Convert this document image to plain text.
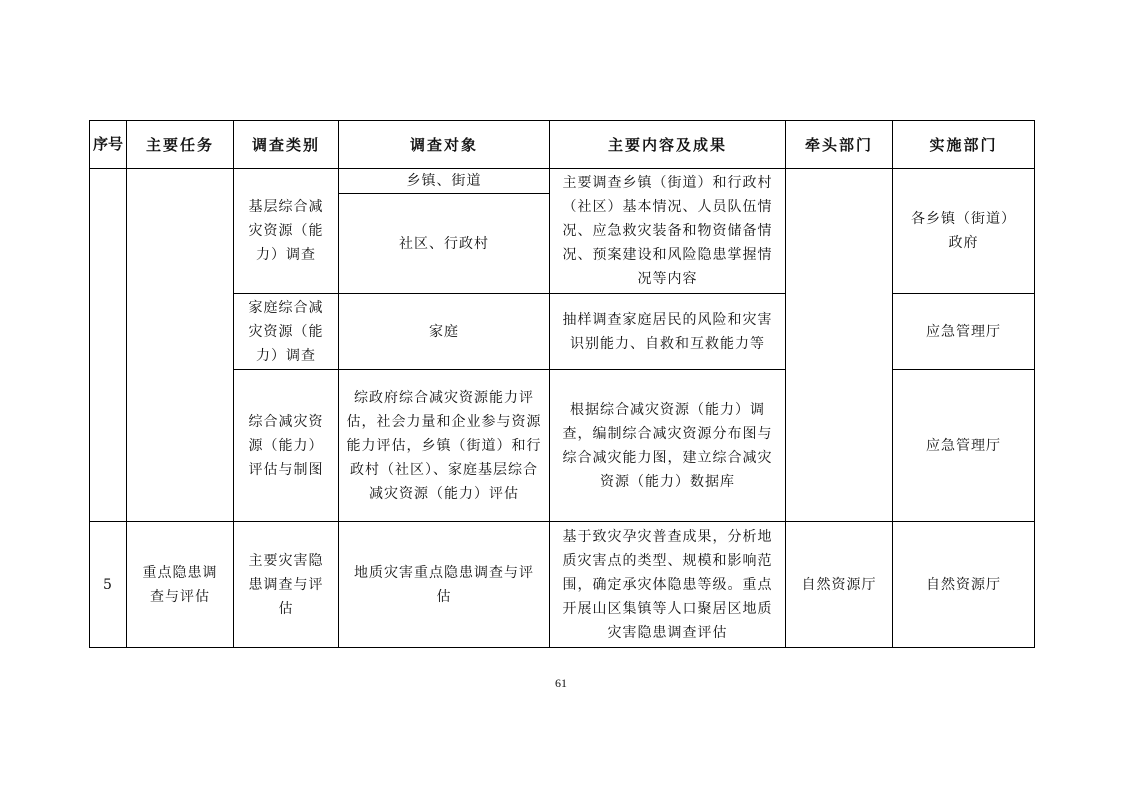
序号	主要任务	调查类别	调查对象	主要内容及成果	牵头部门	实施部门
		基层综合减灾资源（能力）调查	乡镇、街道	主要调查乡镇（街道）和行政村（社区）基本情况、人员队伍情况、应急救灾装备和物资储备情况、预案建设和风险隐患掌握情况等内容		各乡镇（街道）政府
			社区、行政村			
		家庭综合减灾资源（能力）调查	家庭	抽样调查家庭居民的风险和灾害识别能力、自救和互救能力等		应急管理厅
		综合减灾资源（能力）评估与制图	综政府综合减灾资源能力评估，社会力量和企业参与资源能力评估，乡镇（街道）和行政村（社区）、家庭基层综合减灾资源（能力）评估	根据综合减灾资源（能力）调查，编制综合减灾资源分布图与综合减灾能力图，建立综合减灾资源（能力）数据库		应急管理厅

5	重点隐患调查与评估	主要灾害隐患调查与评估	地质灾害重点隐患调查与评估	基于致灾孕灾普查成果，分析地质灾害点的类型、规模和影响范围，确定承灾体隐患等级。重点开展山区集镇等人口聚居区地质灾害隐患调查评估	自然资源厅	自然资源厅
61
